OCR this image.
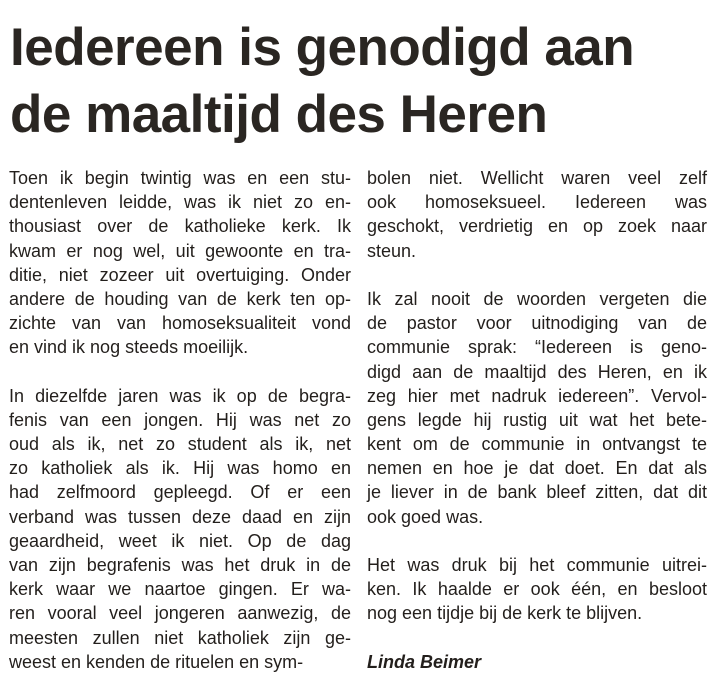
Iedereen is genodigd aan
de maaltijd des Heren
Toen ik begin twintig was en een stu-
dentenleven leidde, was ik niet zo en-
thousiast over de katholieke kerk. Ik
kwam er nog wel, uit gewoonte en tra-
ditie, niet zozeer uit overtuiging. Onder
andere de houding van de kerk ten op-
zichte van van homoseksualiteit vond
en vind ik nog steeds moeilijk.
In diezelfde jaren was ik op de begra-
fenis van een jongen. Hij was net zo
oud als ik, net zo student als ik, net
zo katholiek als ik. Hij was homo en
had zelfmoord gepleegd. Of er een
verband was tussen deze daad en zijn
geaardheid, weet ik niet. Op de dag
van zijn begrafenis was het druk in de
kerk waar we naartoe gingen. Er wa-
ren vooral veel jongeren aanwezig, de
meesten zullen niet katholiek zijn ge-
weest en kenden de rituelen en sym-
bolen niet. Wellicht waren veel zelf
ook homoseksueel. Iedereen was
geschokt, verdrietig en op zoek naar
steun.
Ik zal nooit de woorden vergeten die
de pastor voor uitnodiging van de
communie sprak: “Iedereen is geno-
digd aan de maaltijd des Heren, en ik
zeg hier met nadruk iedereen”. Vervol-
gens legde hij rustig uit wat het bete-
kent om de communie in ontvangst te
nemen en hoe je dat doet. En dat als
je liever in de bank bleef zitten, dat dit
ook goed was.
Het was druk bij het communie uitrei-
ken. Ik haalde er ook één, en besloot
nog een tijdje bij de kerk te blijven.
Linda Beimer
